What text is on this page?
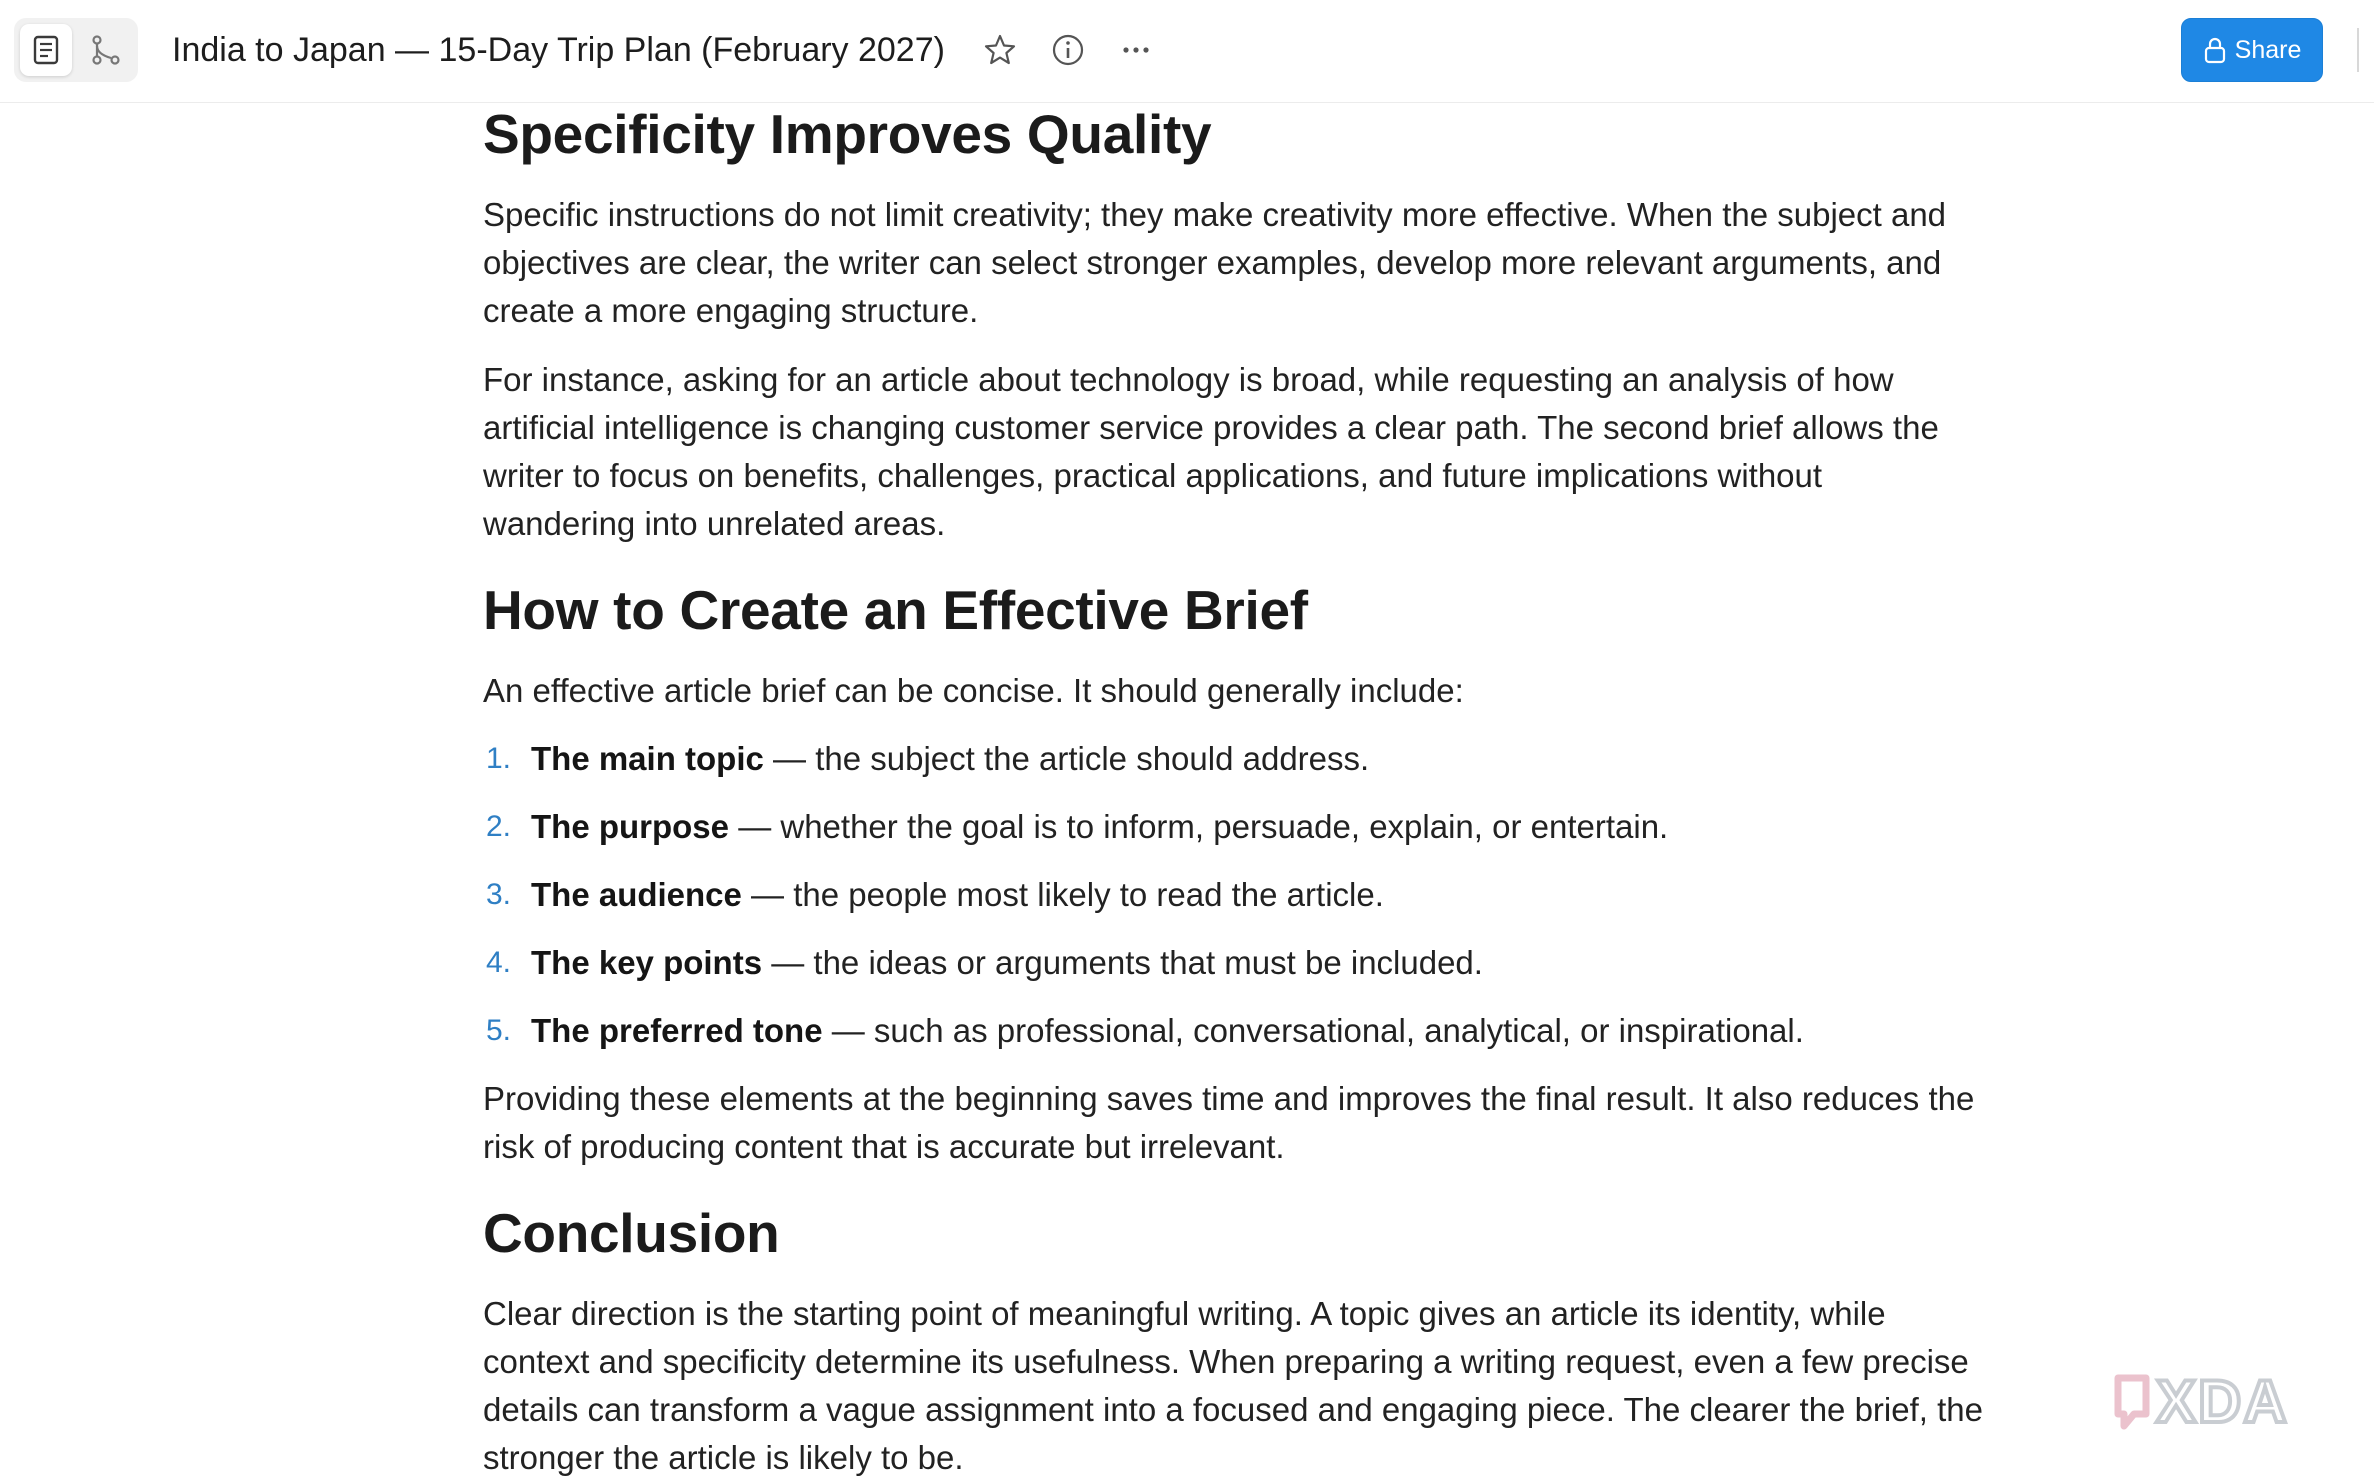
India to Japan — 15-Day Trip Plan (February 2027)	Share
Specificity Improves Quality

Specific instructions do not limit creativity; they make creativity more effective. When the subject and objectives are clear, the writer can select stronger examples, develop more relevant arguments, and create a more engaging structure.

For instance, asking for an article about technology is broad, while requesting an analysis of how artificial intelligence is changing customer service provides a clear path. The second brief allows the writer to focus on benefits, challenges, practical applications, and future implications without wandering into unrelated areas.

How to Create an Effective Brief

An effective article brief can be concise. It should generally include:

1. The main topic — the subject the article should address.
2. The purpose — whether the goal is to inform, persuade, explain, or entertain.
3. The audience — the people most likely to read the article.
4. The key points — the ideas or arguments that must be included.
5. The preferred tone — such as professional, conversational, analytical, or inspirational.

Providing these elements at the beginning saves time and improves the final result. It also reduces the risk of producing content that is accurate but irrelevant.

Conclusion

Clear direction is the starting point of meaningful writing. A topic gives an article its identity, while context and specificity determine its usefulness. When preparing a writing request, even a few precise details can transform a vague assignment into a focused and engaging piece. The clearer the brief, the stronger the article is likely to be.

XDA
